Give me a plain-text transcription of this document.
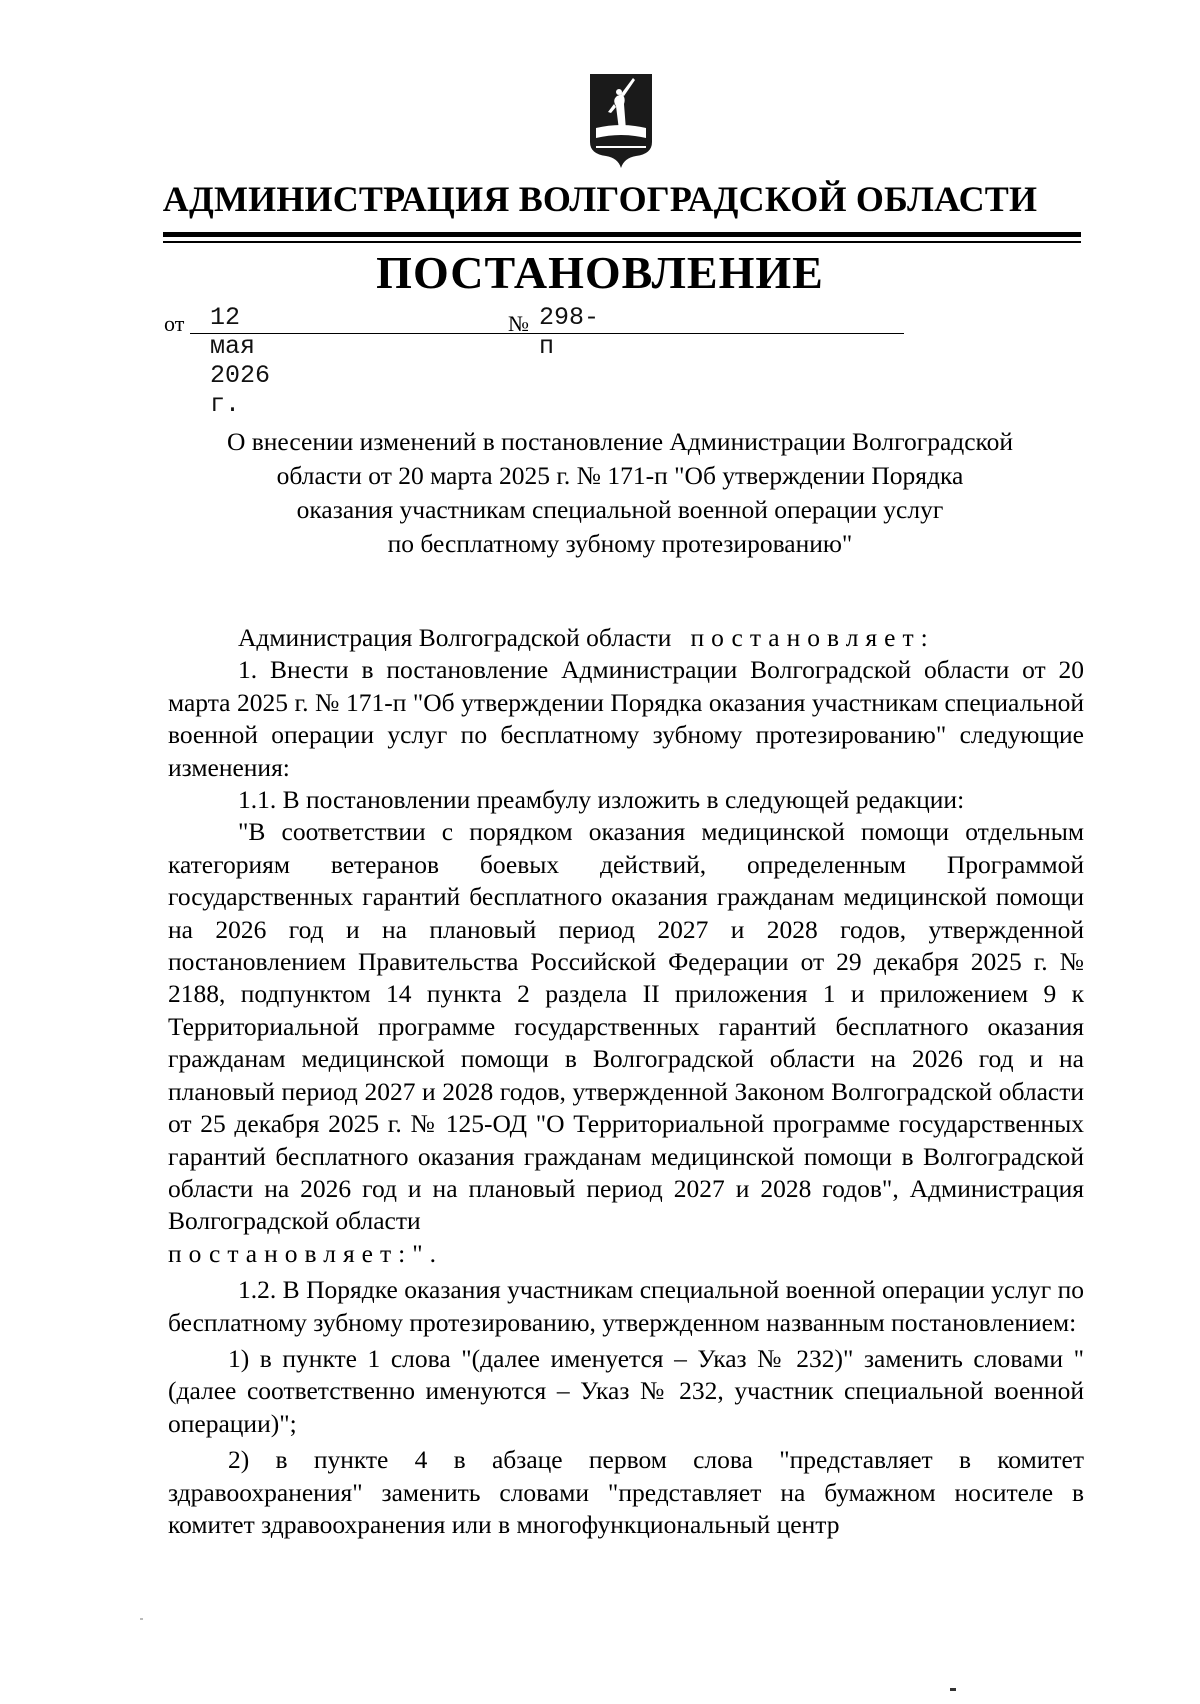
АДМИНИСТРАЦИЯ ВОЛГОГРАДСКОЙ ОБЛАСТИ
ПОСТАНОВЛЕНИЕ
от 12 мая 2026 г.
№ 298-п
О внесении изменений в постановление Администрации Волгоградской
области от 20 марта 2025 г. № 171-п "Об утверждении Порядка
оказания участникам специальной военной операции услуг
по бесплатному зубному протезированию"
Администрация Волгоградской области постановляет:
1. Внести в постановление Администрации Волгоградской области от 20 марта 2025 г. № 171-п "Об утверждении Порядка оказания участникам специальной военной операции услуг по бесплатному зубному протезированию" следующие изменения:
1.1. В постановлении преамбулу изложить в следующей редакции:
"В соответствии с порядком оказания медицинской помощи отдельным категориям ветеранов боевых действий, определенным Программой государственных гарантий бесплатного оказания гражданам медицинской помощи на 2026 год и на плановый период 2027 и 2028 годов, утвержденной постановлением Правительства Российской Федерации от 29 декабря 2025 г. № 2188, подпунктом 14 пункта 2 раздела II приложения 1 и приложением 9 к Территориальной программе государственных гарантий бесплатного оказания гражданам медицинской помощи в Волгоградской области на 2026 год и на плановый период 2027 и 2028 годов, утвержденной Законом Волгоградской области от 25 декабря 2025 г. № 125-ОД "О Территориальной программе государственных гарантий бесплатного оказания гражданам медицинской помощи в Волгоградской области на 2026 год и на плановый период 2027 и 2028 годов", Администрация Волгоградской области
постановляет:".
1.2. В Порядке оказания участникам специальной военной операции услуг по бесплатному зубному протезированию, утвержденном названным постановлением:
1) в пункте 1 слова "(далее именуется – Указ № 232)" заменить словами "(далее соответственно именуются – Указ № 232, участник специальной военной операции)";
2) в пункте 4 в абзаце первом слова "представляет в комитет здравоохранения" заменить словами "представляет на бумажном носителе в комитет здравоохранения или в многофункциональный центр
